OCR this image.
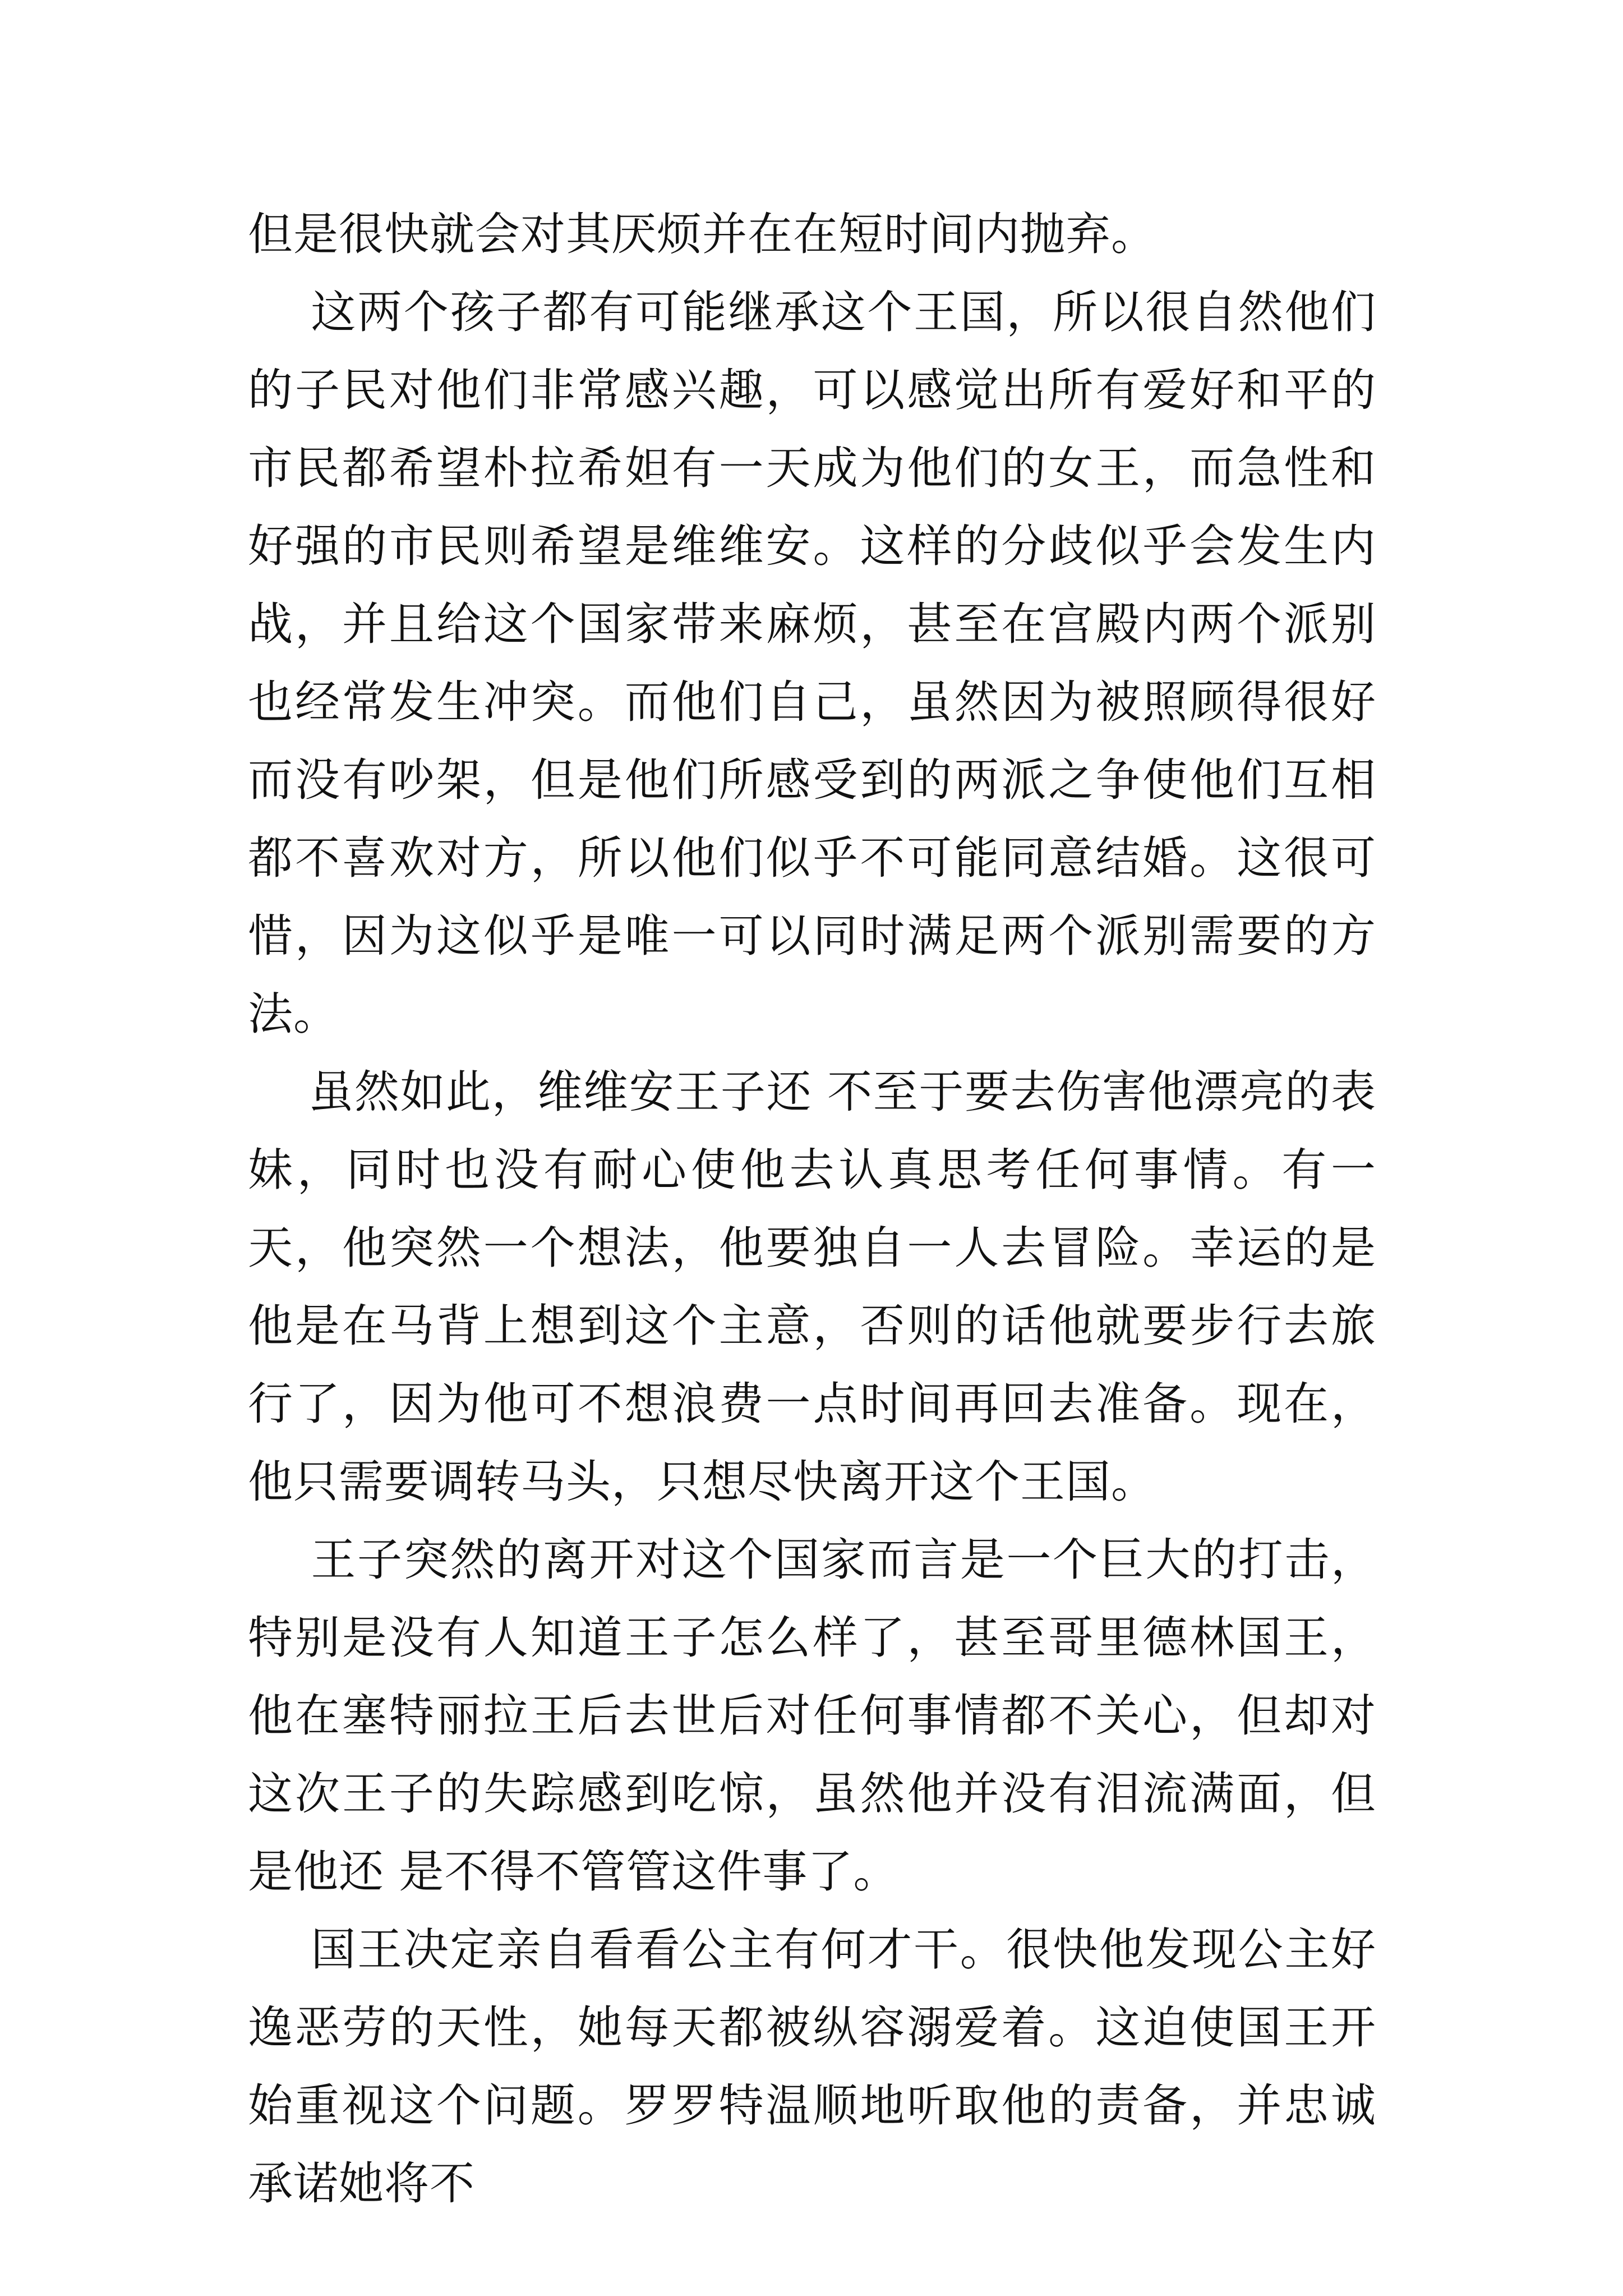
但是很快就会对其厌烦并在在短时间内抛弃。

这两个孩子都有可能继承这个王国，所以很自然他们的子民对他们非常感兴趣，可以感觉出所有爱好和平的市民都希望朴拉希妲有一天成为他们的女王，而急性和好强的市民则希望是维维安。这样的分歧似乎会发生内战，并且给这个国家带来麻烦，甚至在宫殿内两个派别也经常发生冲突。而他们自己，虽然因为被照顾得很好而没有吵架，但是他们所感受到的两派之争使他们互相都不喜欢对方，所以他们似乎不可能同意结婚。这很可惜，因为这似乎是唯一可以同时满足两个派别需要的方法。

虽然如此，维维安王子还 不至于要去伤害他漂亮的表妹，同时也没有耐心使他去认真思考任何事情。有一天，他突然一个想法，他要独自一人去冒险。幸运的是他是在马背上想到这个主意，否则的话他就要步行去旅行了，因为他可不想浪费一点时间再回去准备。现在，他只需要调转马头，只想尽快离开这个王国。

王子突然的离开对这个国家而言是一个巨大的打击，特别是没有人知道王子怎么样了，甚至哥里德林国王，他在塞特丽拉王后去世后对任何事情都不关心，但却对这次王子的失踪感到吃惊，虽然他并没有泪流满面，但是他还 是不得不管管这件事了。

国王决定亲自看看公主有何才干。很快他发现公主好逸恶劳的天性，她每天都被纵容溺爱着。这迫使国王开始重视这个问题。罗罗特温顺地听取他的责备，并忠诚承诺她将不
